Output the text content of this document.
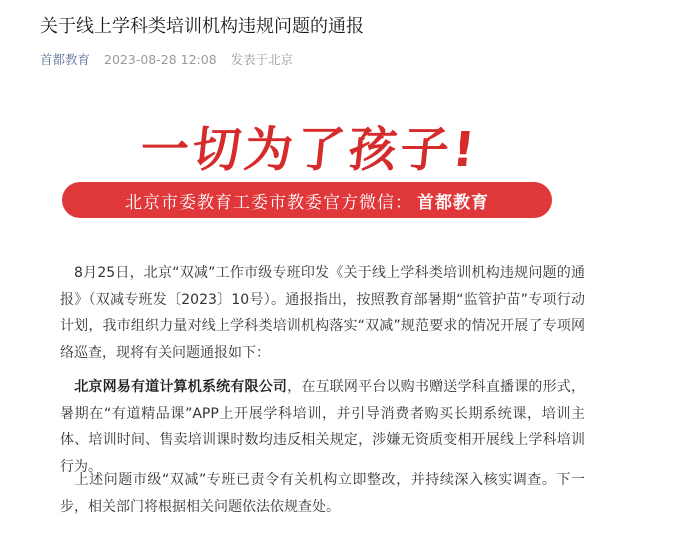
关于线上学科类培训机构违规问题的通报
首都教育 2023-08-28 12:08 发表于北京
一切为了孩子!
北京市委教育工委市教委官方微信： 首都教育

8月25日，北京“双减”工作市级专班印发《关于线上学科类培训机构违规问题的通报》（双减专班发〔2023〕10号）。通报指出，按照教育部暑期“监管护苗”专项行动计划，我市组织力量对线上学科类培训机构落实“双减”规范要求的情况开展了专项网络巡查，现将有关问题通报如下：

北京网易有道计算机系统有限公司，在互联网平台以购书赠送学科直播课的形式，暑期在“有道精品课”APP上开展学科培训，并引导消费者购买长期系统课，培训主体、培训时间、售卖培训课时数均违反相关规定，涉嫌无资质变相开展线上学科培训行为。

上述问题市级“双减”专班已责令有关机构立即整改，并持续深入核实调查。下一步，相关部门将根据相关问题依法依规查处。
